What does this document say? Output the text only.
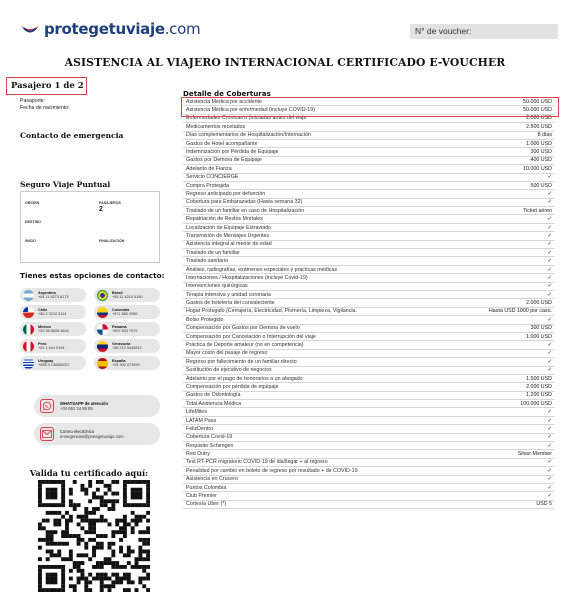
protegetuviaje.com	N° de voucher:
ASISTENCIA AL VIAJERO INTERNACIONAL CERTIFICADO E-VOUCHER
Pasajero 1 de 2
Pasaporte:
Fecha de nacimiento:
Contacto de emergencia
Seguro Viaje Puntual
ORIGEN	PASAJEROS
2
DESTINO
INICIO	FINALIZACIÓN
Tienes estas opciones de contacto:
Argentina
+54 11 5273 8173
Brasil
+55 11 4210 5190
Chile
+56 2 3210 3114
Colombia
+571 580 0980
México
+52 55 8526 4644
Panamá
+507 833 7976
Perú
+51 1 644 9194
Venezuela
+58 212 9442812
Uruguay
+598 4 136082007
España
+34 900 673999
WHATSAPP de atención
+34 651 34 86 95
Correo electrónico
emergencias@protegetuviaje.com
Valida tu certificado aquí:
Detalle de Coberturas
Asistencia Médica por accidente	50.000 USD
Asistencia Médica por enfermedad (incluye COVID-19)	50.000 USD
Enfermedades Crónicas o (iniciadas antes del viaje	2.000 USD
Medicamentos recetados	2.500 USD
Días complementarios de Hospitalización/Internación	8 días
Gastos de Hotel acompañante	1.000 USD
Indemnización por Pérdida de Equipaje	300 USD
Gastos por Demora de Equipaje	400 USD
Adelanto de Fianza	10.000 USD
Servicio CONCIERGE	✓
Compra Protegida	500 USD
Regreso anticipado por defunción	✓
Cobertura para Embarazadas (Hasta semana 32)	✓
Traslado de un familiar en caso de Hospitalización	Ticket aéreo
Repatriación de Restos Mortales	✓
Localización de Equipaje Extraviado	✓
Transmisión de Mensajes Urgentes	✓
Asistencia integral al menor de edad	✓
Traslado de un familiar	✓
Traslado sanitario	✓
Análisis, radiografías, exámenes especiales y prácticas médicas	✓
Internaciones / Hospitalizaciones (incluye Covid-19)	✓
Intervenciones quirúrgicas	✓
Terapia intensiva y unidad coronaria	✓
Gastos de hotelería del convaleciente	2.000 USD
Hogar Protegido (Cerrajería, Electricidad, Plomería, Limpieza, Vigilancia.	Hasta USD 1000 por caso.
Bolso Protegido	✓
Compensación por Gastos por Demora de vuelo	300 USD
Compensación por Cancelación o Interrupción del viaje	1.000 USD
Práctica de Deporte amateur (no en competencia)	✓
Mayor costo del pasaje de regreso	✓
Regreso por fallecimiento de un familiar directo	✓
Sustitución de ejecutivo de negocios	✓
Adelanto por el pago de honorarios a un abogado	1.500 USD
Compensación por pérdida de equipaje	2.000 USD
Gastos de Odontología	1.200 USD
Total Asistencia Médica	100.000 USD
LifeMiles	✓
LATAM Pass	✓
FelizDentro	✓
Cobertura Covid-19	✓
Requisito Schengen	✓
Red Dutry	Silver Member
Test RT-PCR migratorio COVID-19 de ida/llegar + al regreso	✓
Penalidad por cambio en boleto de regreso por resultado + de COVID-19	✓
Asistencia en Crucero	✓
Puntos Colombia	✓
Club Premier	✓
Cortesía Uber (*)	USD 5
